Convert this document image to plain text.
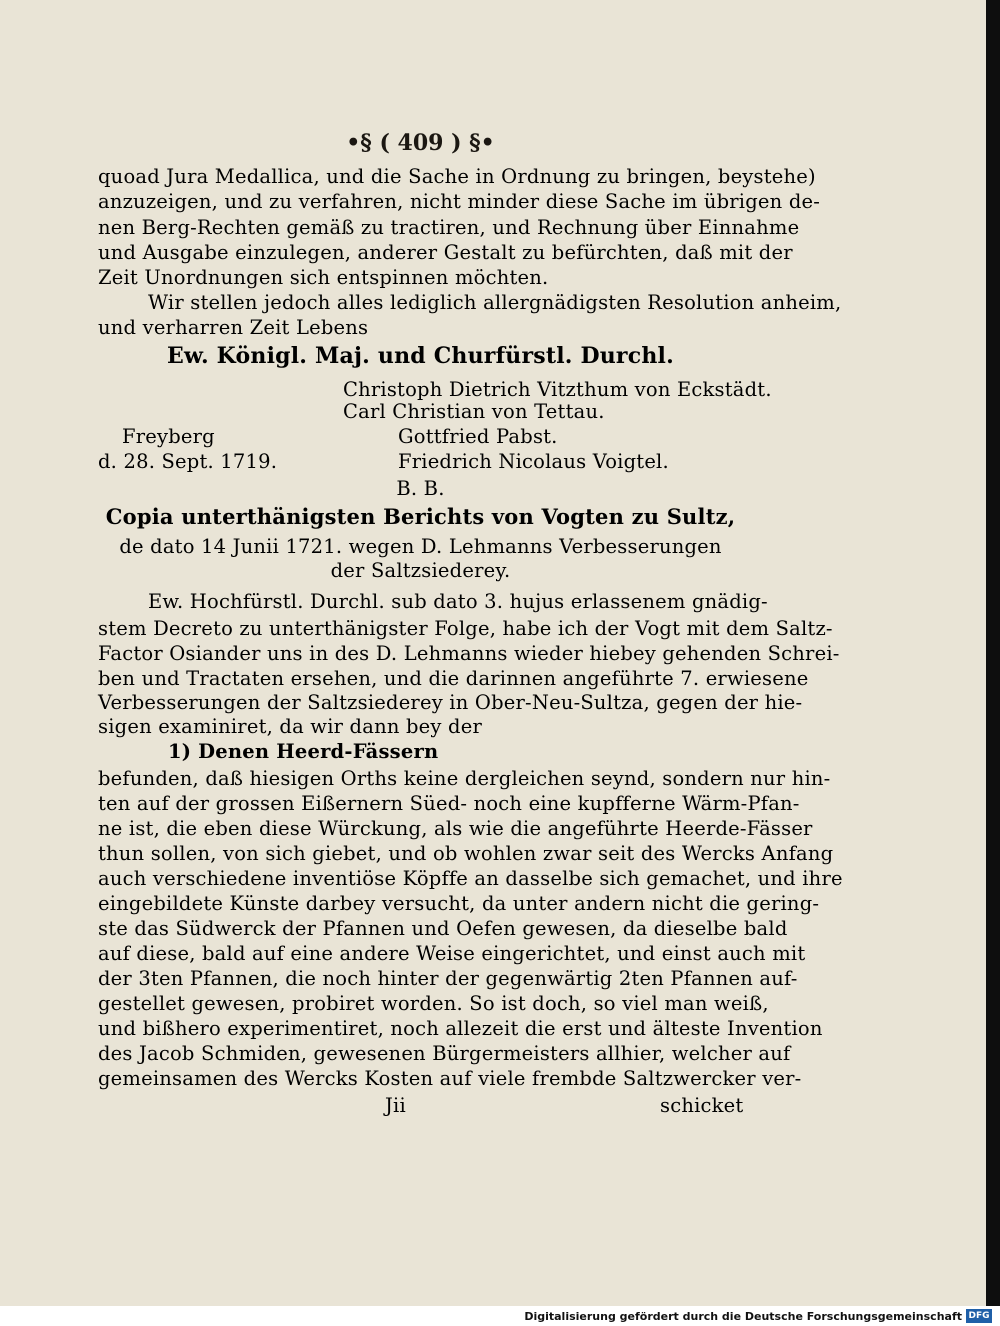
•§ ( 409 ) §•
quoad Jura Medallica, und die Sache in Ordnung zu bringen, beystehe)
anzuzeigen, und zu verfahren, nicht minder diese Sache im übrigen de-
nen Berg-Rechten gemäß zu tractiren, und Rechnung über Einnahme
und Ausgabe einzulegen, anderer Gestalt zu befürchten, daß mit der
Zeit Unordnungen sich entspinnen möchten.
Wir stellen jedoch alles lediglich allergnädigsten Resolution anheim,
und verharren Zeit Lebens
Ew. Königl. Maj. und Churfürstl. Durchl.
Christoph Dietrich Vitzthum von Eckstädt.
Carl Christian von Tettau.
Freyberg	Gottfried Pabst.
d. 28. Sept. 1719.	Friedrich Nicolaus Voigtel.
B. B.
Copia unterthänigsten Berichts von Vogten zu Sultz,
de dato 14 Junii 1721. wegen D. Lehmanns Verbesserungen
der Saltzsiederey.
Ew. Hochfürstl. Durchl. sub dato 3. hujus erlassenem gnädig-
stem Decreto zu unterthänigster Folge, habe ich der Vogt mit dem Saltz-
Factor Osiander uns in des D. Lehmanns wieder hiebey gehenden Schrei-
ben und Tractaten ersehen, und die darinnen angeführte 7. erwiesene
Verbesserungen der Saltzsiederey in Ober-Neu-Sultza, gegen der hie-
sigen examiniret, da wir dann bey der
1) Denen Heerd-Fässern
befunden, daß hiesigen Orths keine dergleichen seynd, sondern nur hin-
ten auf der grossen Eißernern Süed- noch eine kupfferne Wärm-Pfan-
ne ist, die eben diese Würckung, als wie die angeführte Heerde-Fässer
thun sollen, von sich giebet, und ob wohlen zwar seit des Wercks Anfang
auch verschiedene inventiöse Köpffe an dasselbe sich gemachet, und ihre
eingebildete Künste darbey versucht, da unter andern nicht die gering-
ste das Südwerck der Pfannen und Oefen gewesen, da dieselbe bald
auf diese, bald auf eine andere Weise eingerichtet, und einst auch mit
der 3ten Pfannen, die noch hinter der gegenwärtig 2ten Pfannen auf-
gestellet gewesen, probiret worden. So ist doch, so viel man weiß,
und bißhero experimentiret, noch allezeit die erst und älteste Invention
des Jacob Schmiden, gewesenen Bürgermeisters allhier, welcher auf
gemeinsamen des Wercks Kosten auf viele frembde Saltzwercker ver-
Jii	schicket
Digitalisierung gefördert durch die Deutsche Forschungsgemeinschaft DFG
